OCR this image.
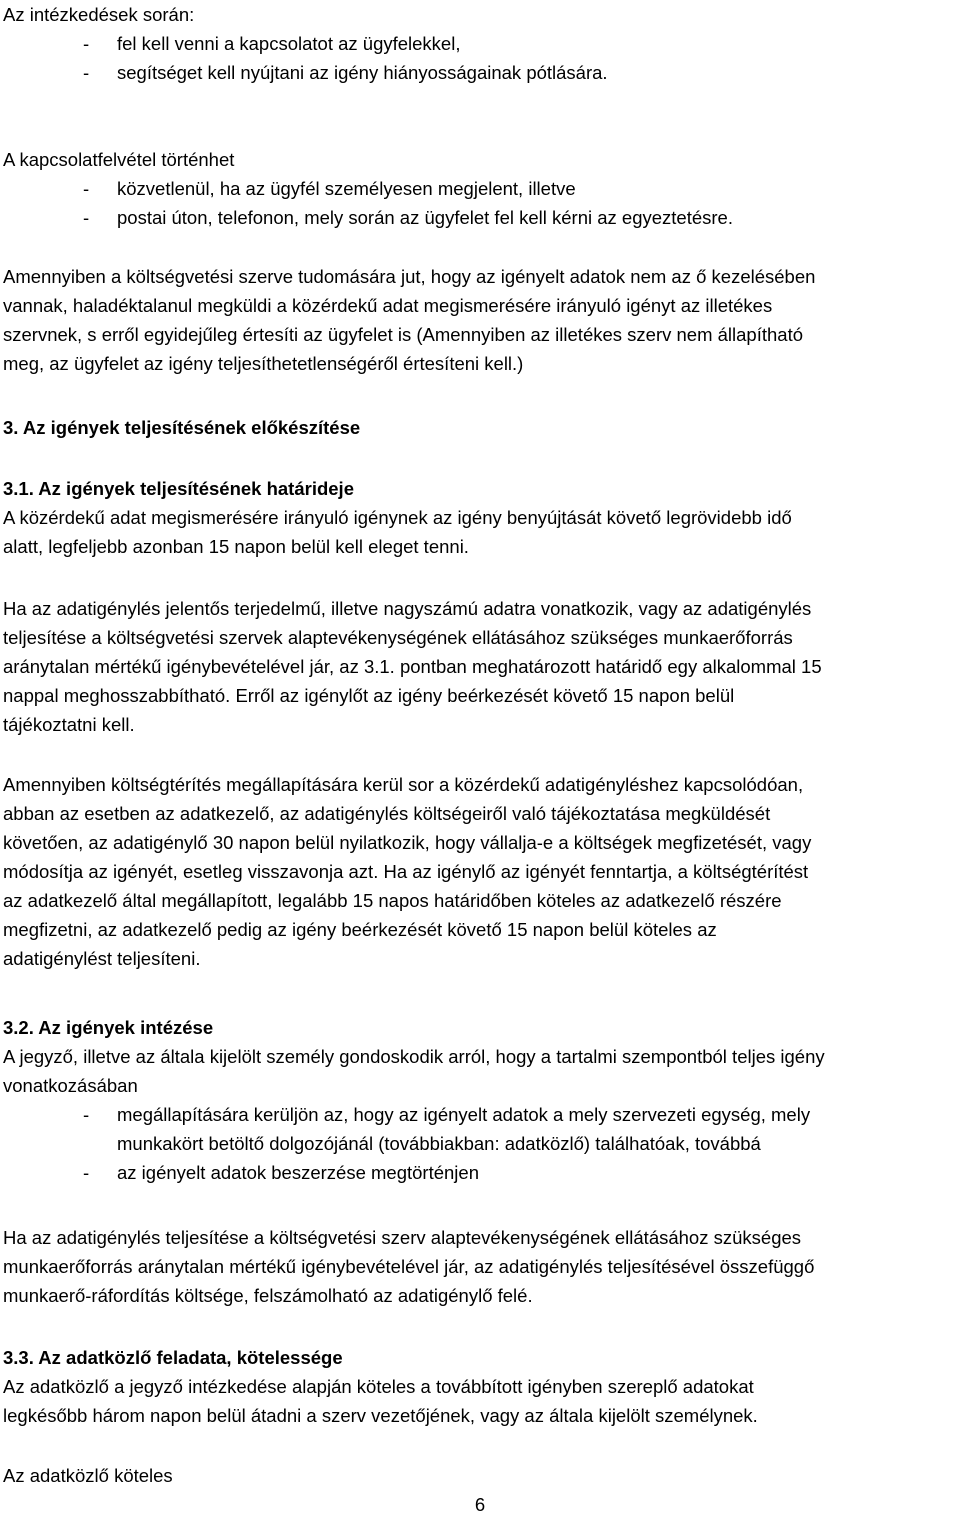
Az intézkedések során:
- fel kell venni a kapcsolatot az ügyfelekkel,
- segítséget kell nyújtani az igény hiányosságainak pótlására.
A kapcsolatfelvétel történhet
- közvetlenül, ha az ügyfél személyesen megjelent, illetve
- postai úton, telefonon, mely során az ügyfelet fel kell kérni az egyeztetésre.
Amennyiben a költségvetési szerve tudomására jut, hogy az igényelt adatok nem az ő kezelésében
vannak, haladéktalanul megküldi a közérdekű adat megismerésére irányuló igényt az illetékes
szervnek, s erről egyidejűleg értesíti az ügyfelet is (Amennyiben az illetékes szerv nem állapítható
meg, az ügyfelet az igény teljesíthetetlenségéről értesíteni kell.)
3. Az igények teljesítésének előkészítése
3.1. Az igények teljesítésének határideje
A közérdekű adat megismerésére irányuló igénynek az igény benyújtását követő legrövidebb idő
alatt, legfeljebb azonban 15 napon belül kell eleget tenni.
Ha az adatigénylés jelentős terjedelmű, illetve nagyszámú adatra vonatkozik, vagy az adatigénylés
teljesítése a költségvetési szervek alaptevékenységének ellátásához szükséges munkaerőforrás
aránytalan mértékű igénybevételével jár, az 3.1. pontban meghatározott határidő egy alkalommal 15
nappal meghosszabbítható. Erről az igénylőt az igény beérkezését követő 15 napon belül
tájékoztatni kell.
Amennyiben költségtérítés megállapítására kerül sor a közérdekű adatigényléshez kapcsolódóan,
abban az esetben az adatkezelő, az adatigénylés költségeiről való tájékoztatása megküldését
követően, az adatigénylő 30 napon belül nyilatkozik, hogy vállalja-e a költségek megfizetését, vagy
módosítja az igényét, esetleg visszavonja azt. Ha az igénylő az igényét fenntartja, a költségtérítést
az adatkezelő által megállapított, legalább 15 napos határidőben köteles az adatkezelő részére
megfizetni, az adatkezelő pedig az igény beérkezését követő 15 napon belül köteles az
adatigénylést teljesíteni.
3.2. Az igények intézése
A jegyző, illetve az általa kijelölt személy gondoskodik arról, hogy a tartalmi szempontból teljes igény
vonatkozásában
- megállapítására kerüljön az, hogy az igényelt adatok a mely szervezeti egység, mely
munkakört betöltő dolgozójánál (továbbiakban: adatközlő) találhatóak, továbbá
- az igényelt adatok beszerzése megtörténjen
Ha az adatigénylés teljesítése a költségvetési szerv alaptevékenységének ellátásához szükséges
munkaerőforrás aránytalan mértékű igénybevételével jár, az adatigénylés teljesítésével összefüggő
munkaerő-ráfordítás költsége, felszámolható az adatigénylő felé.
3.3. Az adatközlő feladata, kötelessége
Az adatközlő a jegyző intézkedése alapján köteles a továbbított igényben szereplő adatokat
legkésőbb három napon belül átadni a szerv vezetőjének, vagy az általa kijelölt személynek.
Az adatközlő köteles
6
